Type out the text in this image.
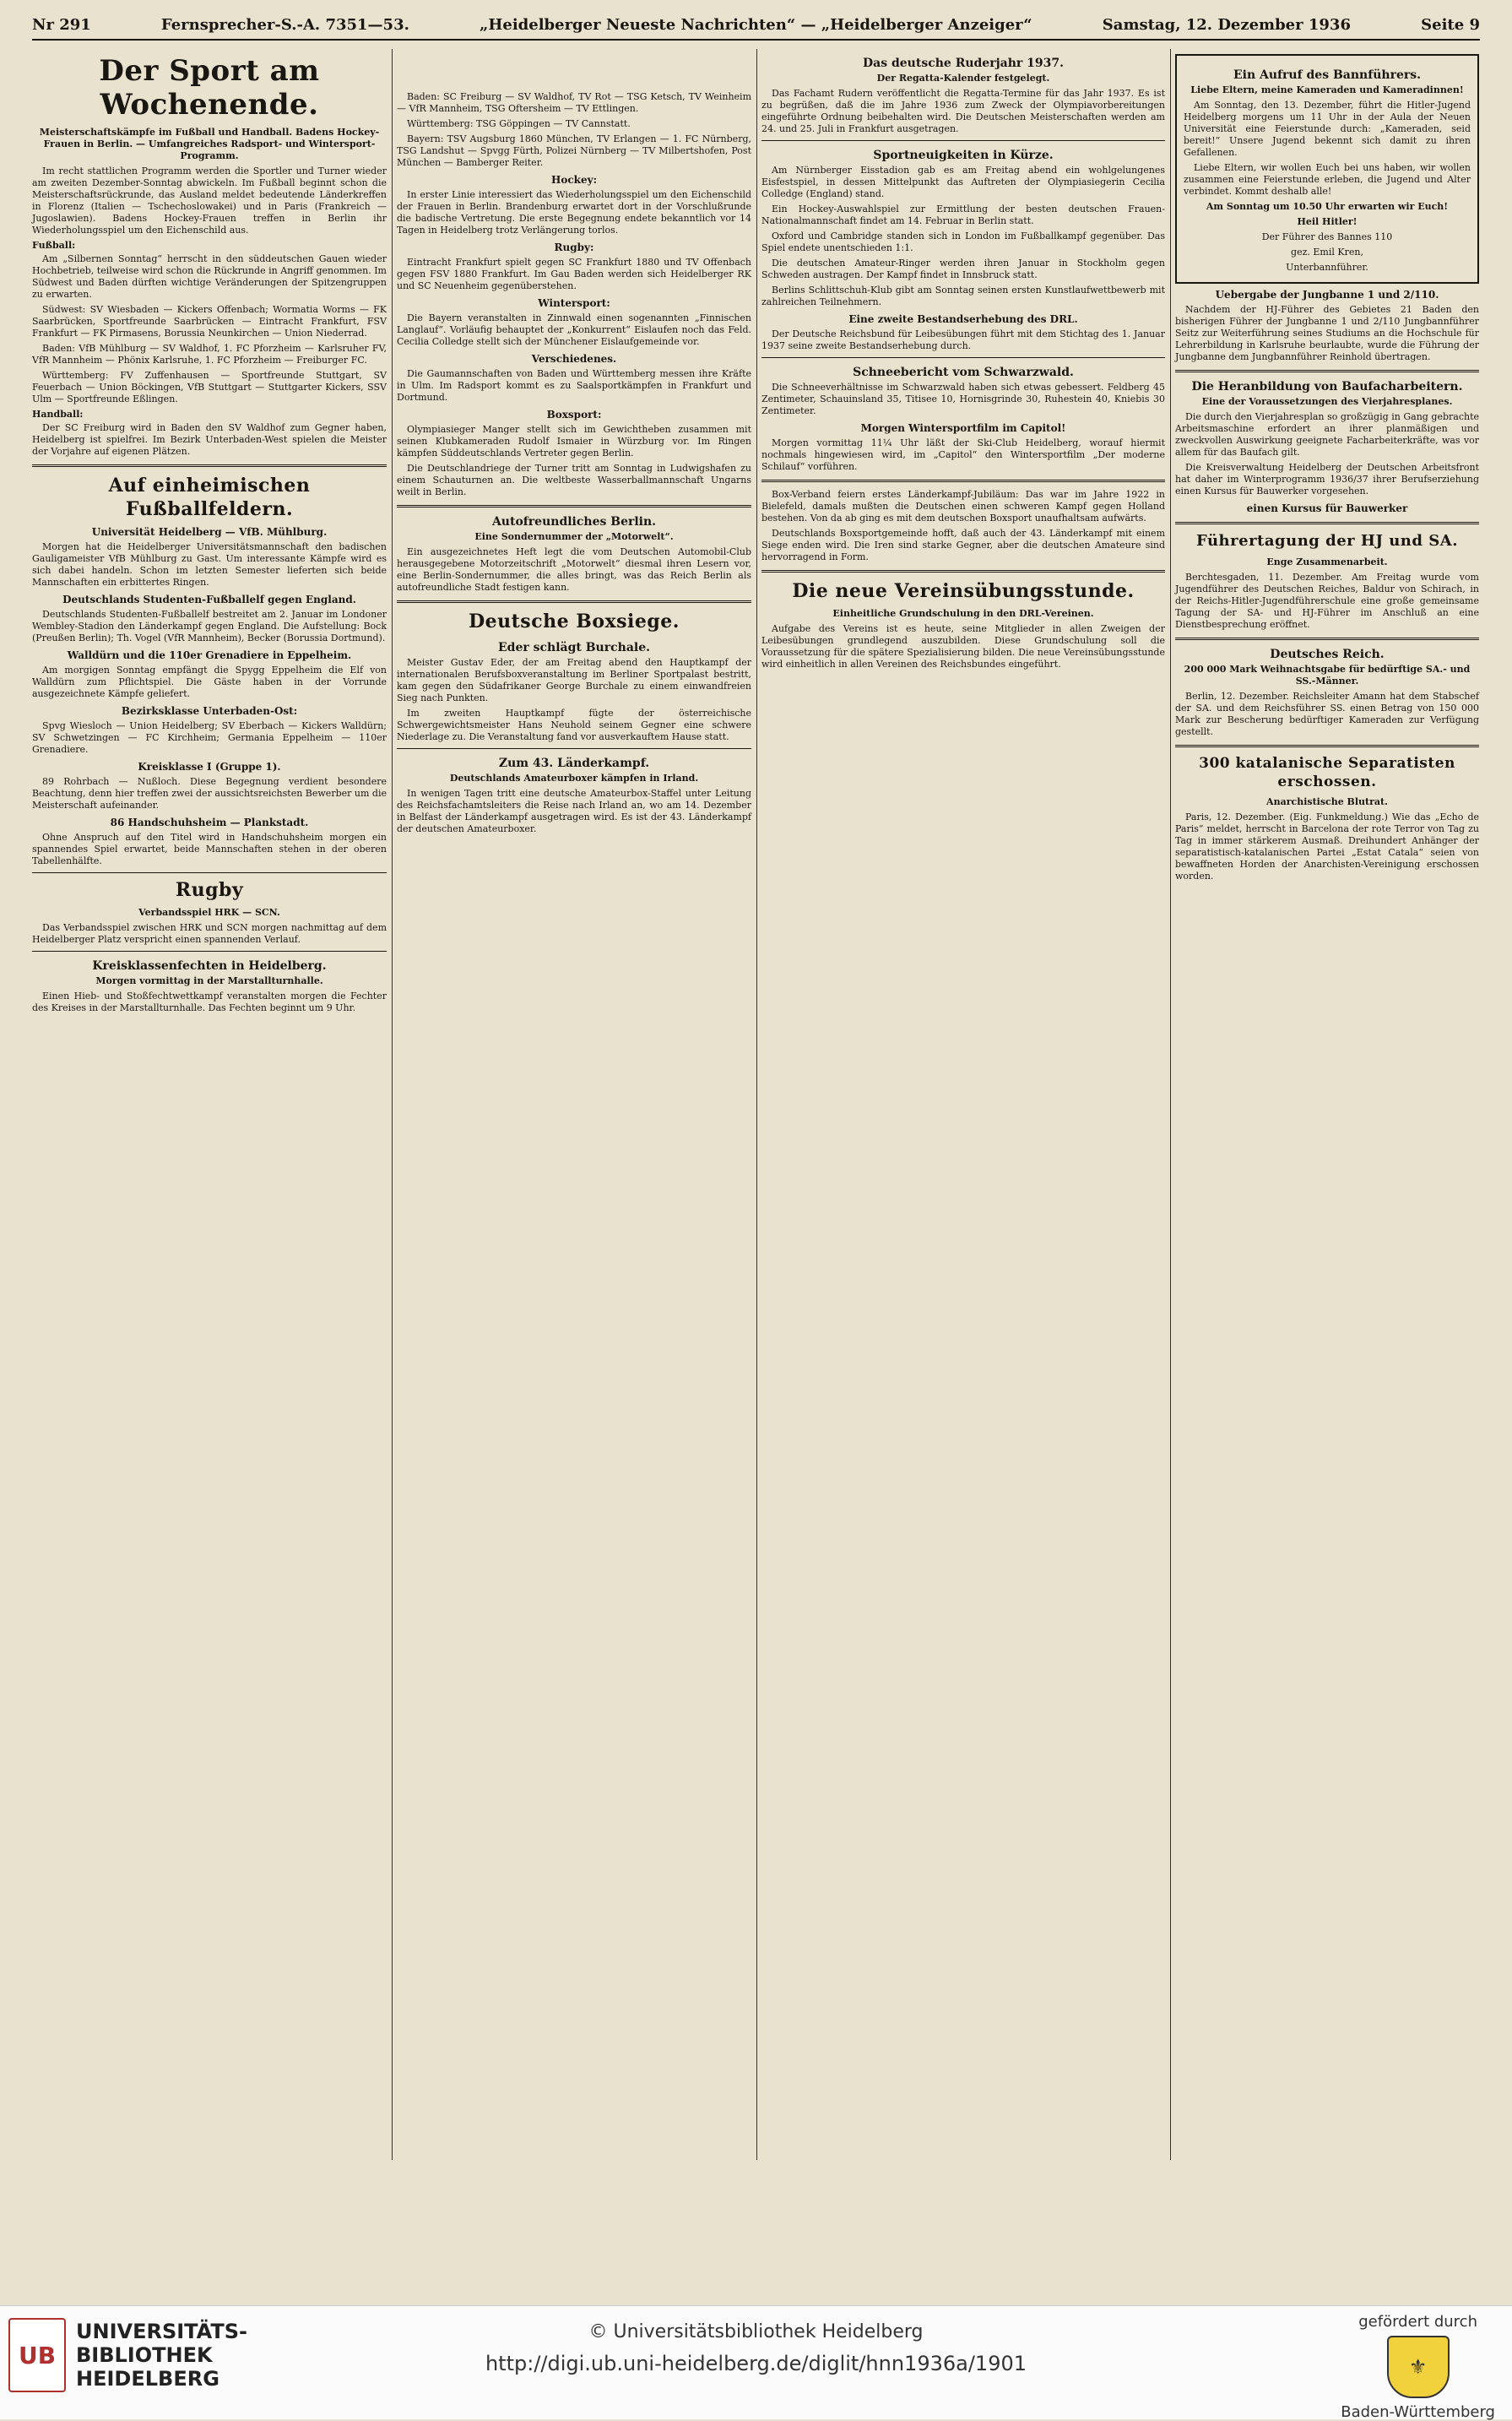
Nr 291	Fernsprecher-S.-A. 7351—53.	„Heidelberger Neueste Nachrichten“ — „Heidelberger Anzeiger“	Samstag, 12. Dezember 1936	Seite 9
Der Sport am Wochenende.
Meisterschaftskämpfe im Fußball und Handball. Badens Hockey-Frauen in Berlin. — Umfangreiches Radsport- und Wintersport-Programm.

Im recht stattlichen Programm werden die Sportler und Turner wieder am zweiten Dezember-Sonntag abwickeln. Im Fußball beginnt schon die Meisterschaftsrückrunde, das Ausland meldet bedeutende Länderkreffen in Florenz (Italien — Tschechoslowakei) und in Paris (Frankreich — Jugoslawien). Badens Hockey-Frauen treffen in Berlin ihr Wiederholungsspiel um den Eichenschild aus.

Fußball:

Am „Silbernen Sonntag“ herrscht in den süddeutschen Gauen wieder Hochbetrieb, teilweise wird schon die Rückrunde in Angriff genommen. Im Südwest und Baden dürften wichtige Veränderungen der Spitzengruppen zu erwarten.

Südwest: SV Wiesbaden — Kickers Offenbach; Wormatia Worms — FK Saarbrücken, Sportfreunde Saarbrücken — Eintracht Frankfurt, FSV Frankfurt — FK Pirmasens, Borussia Neunkirchen — Union Niederrad.

Baden: VfB Mühlburg — SV Waldhof, 1. FC Pforzheim — Karlsruher FV, VfR Mannheim — Phönix Karlsruhe, 1. FC Pforzheim — Freiburger FC.

Württemberg: FV Zuffenhausen — Sportfreunde Stuttgart, SV Feuerbach — Union Böckingen, VfB Stuttgart — Stuttgarter Kickers, SSV Ulm — Sportfreunde Eßlingen.

Handball:

Der SC Freiburg wird in Baden den SV Waldhof zum Gegner haben, Heidelberg ist spielfrei. Im Bezirk Unterbaden-West spielen die Meister der Vorjahre auf eigenen Plätzen.

Auf einheimischen Fußballfeldern.
Universität Heidelberg — VfB. Mühlburg.

Morgen hat die Heidelberger Universitätsmannschaft den badischen Gauligameister VfB Mühlburg zu Gast. Um interessante Kämpfe wird es sich dabei handeln. Schon im letzten Semester lieferten sich beide Mannschaften ein erbittertes Ringen.

Deutschlands Studenten-Fußballelf gegen England.

Deutschlands Studenten-Fußballelf bestreitet am 2. Januar im Londoner Wembley-Stadion den Länderkampf gegen England. Die Aufstellung: Bock (Preußen Berlin); Th. Vogel (VfR Mannheim), Becker (Borussia Dortmund).

Walldürn und die 110er Grenadiere in Eppelheim.

Am morgigen Sonntag empfängt die Spygg Eppelheim die Elf von Walldürn zum Pflichtspiel. Die Gäste haben in der Vorrunde ausgezeichnete Kämpfe geliefert.

Bezirksklasse Unterbaden-Ost:

Spvg Wiesloch — Union Heidelberg; SV Eberbach — Kickers Walldürn; SV Schwetzingen — FC Kirchheim; Germania Eppelheim — 110er Grenadiere.

Kreisklasse I (Gruppe 1).

89 Rohrbach — Nußloch. Diese Begegnung verdient besondere Beachtung, denn hier treffen zwei der aussichtsreichsten Bewerber um die Meisterschaft aufeinander.

86 Handschuhsheim — Plankstadt.

Ohne Anspruch auf den Titel wird in Handschuhsheim morgen ein spannendes Spiel erwartet, beide Mannschaften stehen in der oberen Tabellenhälfte.

Rugby
Verbandsspiel HRK — SCN.

Das Verbandsspiel zwischen HRK und SCN morgen nachmittag auf dem Heidelberger Platz verspricht einen spannenden Verlauf.

Kreisklassenfechten in Heidelberg.
Morgen vormittag in der Marstallturnhalle.

Einen Hieb- und Stoßfechtwettkampf veranstalten morgen die Fechter des Kreises in der Marstallturnhalle. Das Fechten beginnt um 9 Uhr.

Baden: SC Freiburg — SV Waldhof, TV Rot — TSG Ketsch, TV Weinheim — VfR Mannheim, TSG Oftersheim — TV Ettlingen.

Württemberg: TSG Göppingen — TV Cannstatt.

Bayern: TSV Augsburg 1860 München, TV Erlangen — 1. FC Nürnberg, TSG Landshut — Spvgg Fürth, Polizei Nürnberg — TV Milbertshofen, Post München — Bamberger Reiter.

Hockey:

In erster Linie interessiert das Wiederholungsspiel um den Eichenschild der Frauen in Berlin. Brandenburg erwartet dort in der Vorschlußrunde die badische Vertretung. Die erste Begegnung endete bekanntlich vor 14 Tagen in Heidelberg trotz Verlängerung torlos.

Rugby:

Eintracht Frankfurt spielt gegen SC Frankfurt 1880 und TV Offenbach gegen FSV 1880 Frankfurt. Im Gau Baden werden sich Heidelberger RK und SC Neuenheim gegenüberstehen.

Wintersport:

Die Bayern veranstalten in Zinnwald einen sogenannten „Finnischen Langlauf“. Vorläufig behauptet der „Konkurrent“ Eislaufen noch das Feld. Cecilia Colledge stellt sich der Münchener Eislaufgemeinde vor.

Verschiedenes.

Die Gaumannschaften von Baden und Württemberg messen ihre Kräfte in Ulm. Im Radsport kommt es zu Saalsportkämpfen in Frankfurt und Dortmund.

Boxsport:

Olympiasieger Manger stellt sich im Gewichtheben zusammen mit seinen Klubkameraden Rudolf Ismaier in Würzburg vor. Im Ringen kämpfen Süddeutschlands Vertreter gegen Berlin.

Die Deutschlandriege der Turner tritt am Sonntag in Ludwigshafen zu einem Schauturnen an. Die weltbeste Wasserballmannschaft Ungarns weilt in Berlin.

Autofreundliches Berlin.
Eine Sondernummer der „Motorwelt“.

Ein ausgezeichnetes Heft legt die vom Deutschen Automobil-Club herausgegebene Motorzeitschrift „Motorwelt“ diesmal ihren Lesern vor, eine Berlin-Sondernummer, die alles bringt, was das Reich Berlin als autofreundliche Stadt festigen kann.

Deutsche Boxsiege.
Eder schlägt Burchale.

Meister Gustav Eder, der am Freitag abend den Hauptkampf der internationalen Berufsboxveranstaltung im Berliner Sportpalast bestritt, kam gegen den Südafrikaner George Burchale zu einem einwandfreien Sieg nach Punkten.

Im zweiten Hauptkampf fügte der österreichische Schwergewichtsmeister Hans Neuhold seinem Gegner eine schwere Niederlage zu. Die Veranstaltung fand vor ausverkauftem Hause statt.

Zum 43. Länderkampf.
Deutschlands Amateurboxer kämpfen in Irland.

In wenigen Tagen tritt eine deutsche Amateurbox-Staffel unter Leitung des Reichsfachamtsleiters die Reise nach Irland an, wo am 14. Dezember in Belfast der Länderkampf ausgetragen wird. Es ist der 43. Länderkampf der deutschen Amateurboxer.

Das deutsche Ruderjahr 1937.
Der Regatta-Kalender festgelegt.

Das Fachamt Rudern veröffentlicht die Regatta-Termine für das Jahr 1937. Es ist zu begrüßen, daß die im Jahre 1936 zum Zweck der Olympiavorbereitungen eingeführte Ordnung beibehalten wird. Die Deutschen Meisterschaften werden am 24. und 25. Juli in Frankfurt ausgetragen.

Sportneuigkeiten in Kürze.

Am Nürnberger Eisstadion gab es am Freitag abend ein wohlgelungenes Eisfestspiel, in dessen Mittelpunkt das Auftreten der Olympiasiegerin Cecilia Colledge (England) stand.

Ein Hockey-Auswahlspiel zur Ermittlung der besten deutschen Frauen-Nationalmannschaft findet am 14. Februar in Berlin statt.

Oxford und Cambridge standen sich in London im Fußballkampf gegenüber. Das Spiel endete unentschieden 1:1.

Die deutschen Amateur-Ringer werden ihren Januar in Stockholm gegen Schweden austragen. Der Kampf findet in Innsbruck statt.

Berlins Schlittschuh-Klub gibt am Sonntag seinen ersten Kunstlaufwettbewerb mit zahlreichen Teilnehmern.

Eine zweite Bestandserhebung des DRL.

Der Deutsche Reichsbund für Leibesübungen führt mit dem Stichtag des 1. Januar 1937 seine zweite Bestandserhebung durch.

Schneebericht vom Schwarzwald.

Die Schneeverhältnisse im Schwarzwald haben sich etwas gebessert. Feldberg 45 Zentimeter, Schauinsland 35, Titisee 10, Hornisgrinde 30, Ruhestein 40, Kniebis 30 Zentimeter.

Morgen Wintersportfilm im Capitol!

Morgen vormittag 11¼ Uhr läßt der Ski-Club Heidelberg, worauf hiermit nochmals hingewiesen wird, im „Capitol“ den Wintersportfilm „Der moderne Schilauf“ vorführen.

Box-Verband feiern erstes Länderkampf-Jubiläum: Das war im Jahre 1922 in Bielefeld, damals mußten die Deutschen einen schweren Kampf gegen Holland bestehen. Von da ab ging es mit dem deutschen Boxsport unaufhaltsam aufwärts.

Deutschlands Boxsportgemeinde hofft, daß auch der 43. Länderkampf mit einem Siege enden wird. Die Iren sind starke Gegner, aber die deutschen Amateure sind hervorragend in Form.

Die neue Vereinsübungsstunde.
Einheitliche Grundschulung in den DRL-Vereinen.

Aufgabe des Vereins ist es heute, seine Mitglieder in allen Zweigen der Leibesübungen grundlegend auszubilden. Diese Grundschulung soll die Voraussetzung für die spätere Spezialisierung bilden. Die neue Vereinsübungsstunde wird einheitlich in allen Vereinen des Reichsbundes eingeführt.

Ein Aufruf des Bannführers.
Liebe Eltern, meine Kameraden und Kameradinnen!

Am Sonntag, den 13. Dezember, führt die Hitler-Jugend Heidelberg morgens um 11 Uhr in der Aula der Neuen Universität eine Feierstunde durch: „Kameraden, seid bereit!“ Unsere Jugend bekennt sich damit zu ihren Gefallenen.

Liebe Eltern, wir wollen Euch bei uns haben, wir wollen zusammen eine Feierstunde erleben, die Jugend und Alter verbindet. Kommt deshalb alle!

Am Sonntag um 10.50 Uhr erwarten wir Euch!

Heil Hitler!

Der Führer des Bannes 110

gez. Emil Kren,

Unterbannführer.

Uebergabe der Jungbanne 1 und 2/110.

Nachdem der HJ-Führer des Gebietes 21 Baden den bisherigen Führer der Jungbanne 1 und 2/110 Jungbannführer Seitz zur Weiterführung seines Studiums an die Hochschule für Lehrerbildung in Karlsruhe beurlaubte, wurde die Führung der Jungbanne dem Jungbannführer Reinhold übertragen.

Die Heranbildung von Baufacharbeitern.
Eine der Voraussetzungen des Vierjahresplanes.

Die durch den Vierjahresplan so großzügig in Gang gebrachte Arbeitsmaschine erfordert an ihrer planmäßigen und zweckvollen Auswirkung geeignete Facharbeiterkräfte, was vor allem für das Baufach gilt.

Die Kreisverwaltung Heidelberg der Deutschen Arbeitsfront hat daher im Winterprogramm 1936/37 ihrer Berufserziehung einen Kursus für Bauwerker vorgesehen.

einen Kursus für Bauwerker
Führertagung der HJ und SA.
Enge Zusammenarbeit.

Berchtesgaden, 11. Dezember. Am Freitag wurde vom Jugendführer des Deutschen Reiches, Baldur von Schirach, in der Reichs-Hitler-Jugendführerschule eine große gemeinsame Tagung der SA- und HJ-Führer im Anschluß an eine Dienstbesprechung eröffnet.

Deutsches Reich.
200 000 Mark Weihnachtsgabe für bedürftige SA.- und SS.-Männer.

Berlin, 12. Dezember. Reichsleiter Amann hat dem Stabschef der SA. und dem Reichsführer SS. einen Betrag von 150 000 Mark zur Bescherung bedürftiger Kameraden zur Verfügung gestellt.

300 katalanische Separatisten erschossen.
Anarchistische Blutrat.

Paris, 12. Dezember. (Eig. Funkmeldung.) Wie das „Echo de Paris“ meldet, herrscht in Barcelona der rote Terror von Tag zu Tag in immer stärkerem Ausmaß. Dreihundert Anhänger der separatistisch-katalanischen Partei „Estat Catala“ seien von bewaffneten Horden der Anarchisten-Vereinigung erschossen worden.

UB
UNIVERSITÄTS-
BIBLIOTHEK
HEIDELBERG
© Universitätsbibliothek Heidelberg
http://digi.ub.uni-heidelberg.de/diglit/hnn1936a/1901
gefördert durch
⚜
Baden-Württemberg
